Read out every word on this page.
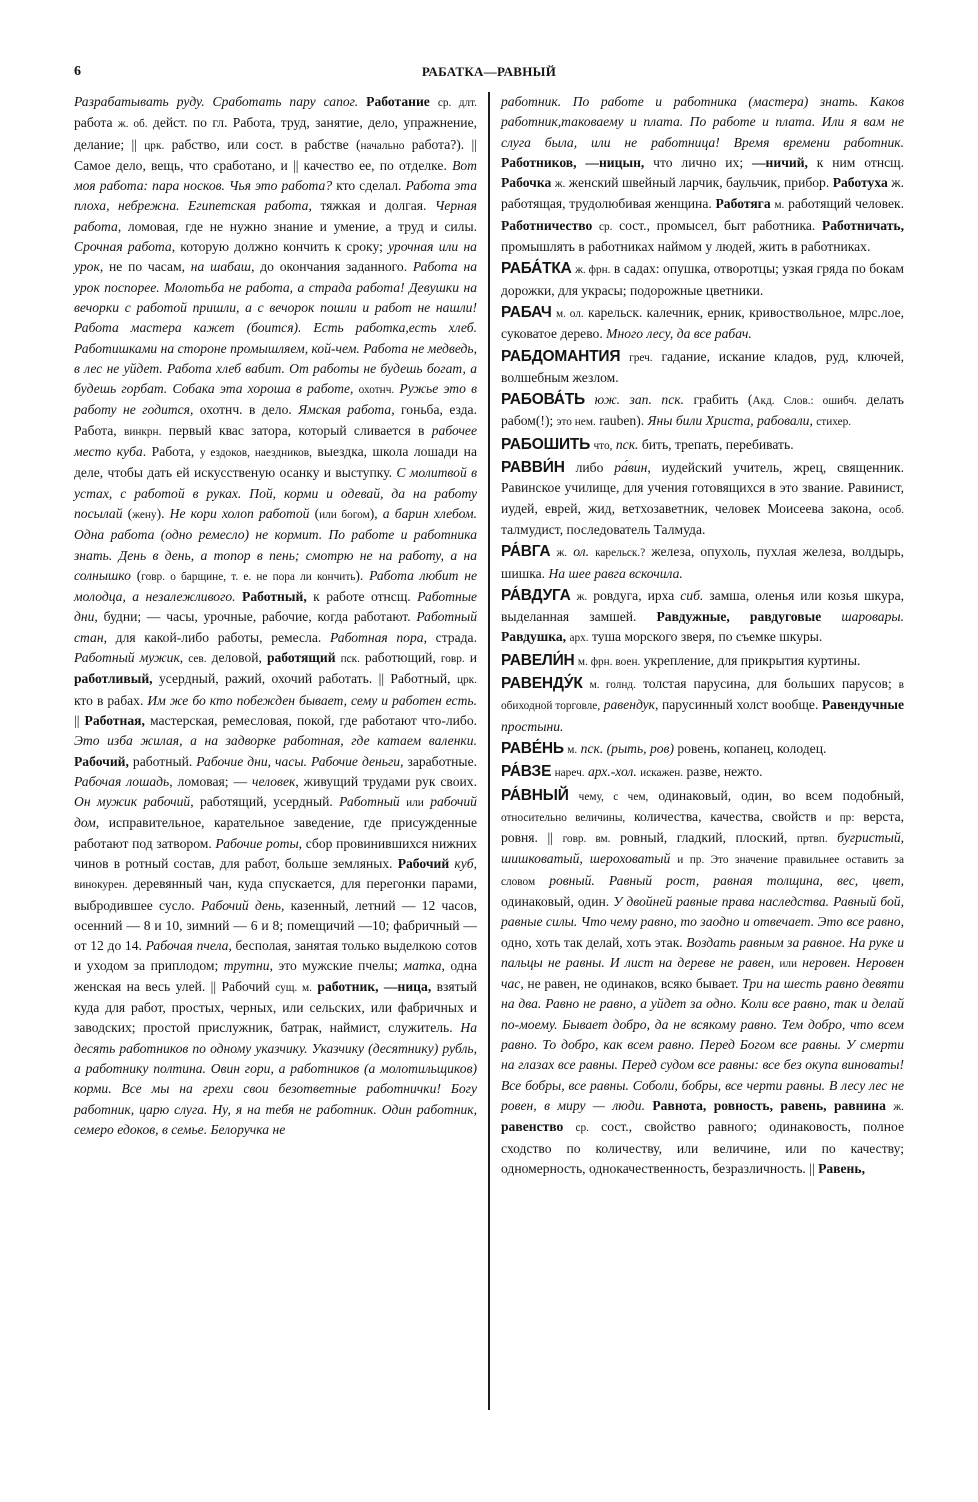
6	РАБАТКА—РАВНЫЙ

Разрабатывать руду. Сработать пару сапог. Работание ср. длт. работа ж. об. дейст. по гл. Работа, труд, занятие, дело, упражнение, делание; || црк. рабство, или сост. в рабстве (начально работа?). || Самое дело, вещь, что сработано, и || качество ее, по отделке. Вот моя работа: пара носков. Чья это работа? кто сделал. Работа эта плоха, небрежна. Египетская работа, тяжкая и долгая. Черная работа, ломовая, где не нужно знание и умение, а труд и силы. Срочная работа, которую должно кончить к сроку; урочная или на урок, не по часам, на шабаш, до окончания заданного. Работа на урок поспорее. Молотьба не работа, а страда работа! Девушки на вечорки с работой пришли, а с вечорок пошли и работ не нашли! Работа мастера кажет (боится). Есть работка,есть хлеб. Работишками на стороне промышляем, кой-чем. Работа не медведь, в лес не уйдет. Работа хлеб вабит. От работы не будешь богат, а будешь горбат. Собака эта хороша в работе, охотнч. Ружье это в работу не годится, охотнч. в дело. Ямская работа, гоньба, езда. Работа, винкрн. первый квас затора, который сливается в рабочее место куба. Работа, у ездоков, наездников, выездка, школа лошади на деле, чтобы дать ей искусственую осанку и выступку. С молитвой в устах, с работой в руках. Пой, корми и одевай, да на работу посылай (жену). Не кори холоп работой (или богом), а барин хлебом. Одна работа (одно ремесло) не кормит. По работе и работника знать. День в день, а топор в пень; смотрю не на работу, а на солнышко (говр. о барщине, т. е. не пора ли кончить). Работа любит не молодца, а незалежливого. Работный, к работе отнсщ. Работные дни, будни; — часы, урочные, рабочие, когда работают. Работный стан, для какой-либо работы, ремесла. Работная пора, страда. Работный мужик, сев. деловой, работящий пск. работющий, говр. и работливый, усердный, ражий, охочий работать. || Работный, црк. кто в рабах. Им же бо кто побежден бывает, сему и работен есть. || Работная, мастерская, ремесловая, покой, где работают что-либо. Это изба жилая, а на задворке работная, где катаем валенки. Рабочий, работный. Рабочие дни, часы. Рабочие деньги, заработные. Рабочая лошадь, ломовая; — человек, живущий трудами рук своих. Он мужик рабочий, работящий, усердный. Работный или рабочий дом, исправительное, карательное заведение, где присужденные работают под затвором. Рабочие роты, сбор провинившихся нижних чинов в ротный состав, для работ, больше земляных. Рабочий куб, винокурен. деревянный чан, куда спускается, для перегонки парами, выбродившее сусло. Рабочий день, казенный, летний — 12 часов, осенний — 8 и 10, зимний — 6 и 8; помещичий —10; фабричный — от 12 до 14. Рабочая пчела, бесполая, занятая только выделкою сотов и уходом за приплодом; трутни, это мужские пчелы; матка, одна женская на весь улей. || Рабочий сущ. м. работник, —ница, взятый куда для работ, простых, черных, или сельских, или фабричных и заводских; простой прислужник, батрак, наймист, служитель. На десять работников по одному указчику. Указчику (десятнику) рубль, а работнику полтина. Овин гори, а работников (а молотильщиков) корми. Все мы на грехи свои безответные работнички! Богу работник, царю слуга. Ну, я на тебя не работник. Один работник, семеро едоков, в семье. Белоручка не

работник. По работе и работника (мастера) знать. Каков работник,таковаему и плата. По работе и плата. Или я вам не слуга была, или не работница! Время времени работник. Работников, —ницын, что лично их; —ничий, к ним отнсщ. Рабочка ж. женский швейный ларчик, баульчик, прибор. Работуха ж. работящая, трудолюбивая женщина. Работяга м. работящий человек. Работничество ср. сост., промысел, быт работника. Работничать, промышлять в работниках наймом у людей, жить в работниках.

РАБА́ТКА ж. фрн. в садах: опушка, отворотцы; узкая гряда по бокам дорожки, для украсы; подорожные цветники.

РАБАЧ м. ол. карельск. калечник, ерник, кривоствольное, млрс.лое, суковатое дерево. Много лесу, да все рабач.

РАБДОМАНТИЯ греч. гадание, искание кладов, руд, ключей, волшебным жезлом.

РАБОВА́ТЬ юж. зап. пск. грабить (Акд. Слов.: ошибч. делать рабом(!); это нем. rauben). Яны били Христа, рабовали, стихер.

РАБОШИТЬ что, пск. бить, трепать, перебивать.

РАВВИ́Н либо ра́вин, иудейский учитель, жрец, священник. Равинское училище, для учения готовящихся в это звание. Равинист, иудей, еврей, жид, ветхозаветник, человек Моисеева закона, особ. талмудист, последователь Талмуда.

РА́ВГА ж. ол. карельск.? железа, опухоль, пухлая железа, волдырь, шишка. На шее равга вскочила.

РА́ВДУГА ж. ровдуга, ирха сиб. замша, оленья или козья шкура, выделанная замшей. Равдужные, равдуговые шаровары. Равдушка, арх. туша морского зверя, по съемке шкуры.

РАВЕЛИ́Н м. фрн. воен. укрепление, для прикрытия куртины.

РАВЕНДУ́К м. голнд. толстая парусина, для больших парусов; в обиходной торговле, равендук, парусинный холст вообще. Равендучные простыни.

РАВЕ́НЬ м. пск. (рыть, ров) ровень, копанец, колодец.

РА́ВЗЕ нареч. арх.-хол. искажен. разве, нежто.

РА́ВНЫЙ чему, с чем, одинаковый, один, во всем подобный, относительно величины, количества, качества, свойств и пр: верста, ровня. || говр. вм. ровный, гладкий, плоский, пртвп. бугристый, шишковатый, шероховатый и пр. Это значение правильнее оставить за словом ровный. Равный рост, равная толщина, вес, цвет, одинаковый, один. У двойней равные права наследства. Равный бой, равные силы. Что чему равно, то заодно и отвечает. Это все равно, одно, хоть так делай, хоть этак. Воздать равным за равное. На руке и пальцы не равны. И лист на дереве не равен, или неровен. Неровен час, не равен, не одинаков, всяко бывает. Три на шесть равно девяти на два. Равно не равно, а уйдет за одно. Коли все равно, так и делай по-моему. Бывает добро, да не всякому равно. Тем добро, что всем равно. То добро, как всем равно. Перед Богом все равны. У смерти на глазах все равны. Перед судом все равны: все без окупа виноваты! Все бобры, все равны. Соболи, бобры, все черти равны. В лесу лес не ровен, в миру — люди. Равнота, ровность, равень, равнина ж. равенство ср. сост., свойство равного; одинаковость, полное сходство по количеству, или величине, или по качеству; одномерность, однокачественность, безразличность. || Равень,
